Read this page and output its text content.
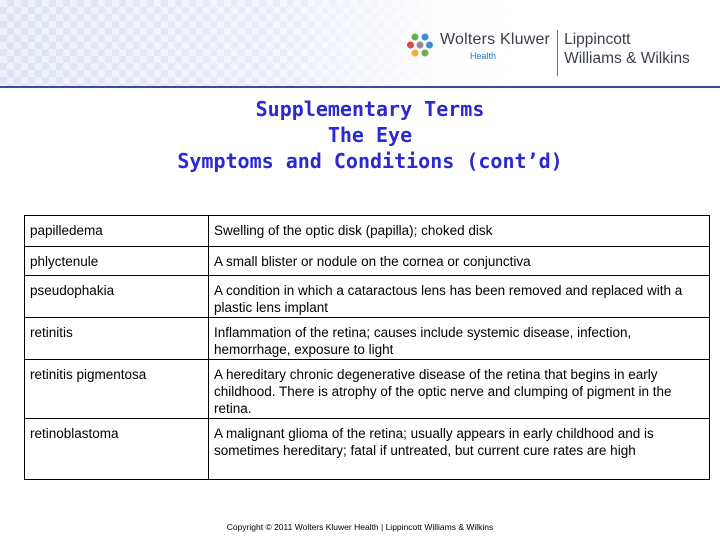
Wolters Kluwer
Health
Lippincott
Williams & Wilkins
Supplementary Terms
The Eye
Symptoms and Conditions (cont’d)
papilledema	Swelling of the optic disk (papilla); choked disk
phlyctenule	A small blister or nodule on the cornea or conjunctiva
pseudophakia	A condition in which a cataractous lens has been removed and replaced with a plastic lens implant
retinitis	Inflammation of the retina; causes include systemic disease, infection, hemorrhage, exposure to light
retinitis pigmentosa	A hereditary chronic degenerative disease of the retina that begins in early childhood. There is atrophy of the optic nerve and clumping of pigment in the retina.
retinoblastoma	A malignant glioma of the retina; usually appears in early childhood and is sometimes hereditary; fatal if untreated, but current cure rates are high
Copyright © 2011 Wolters Kluwer Health | Lippincott Williams & Wilkins
